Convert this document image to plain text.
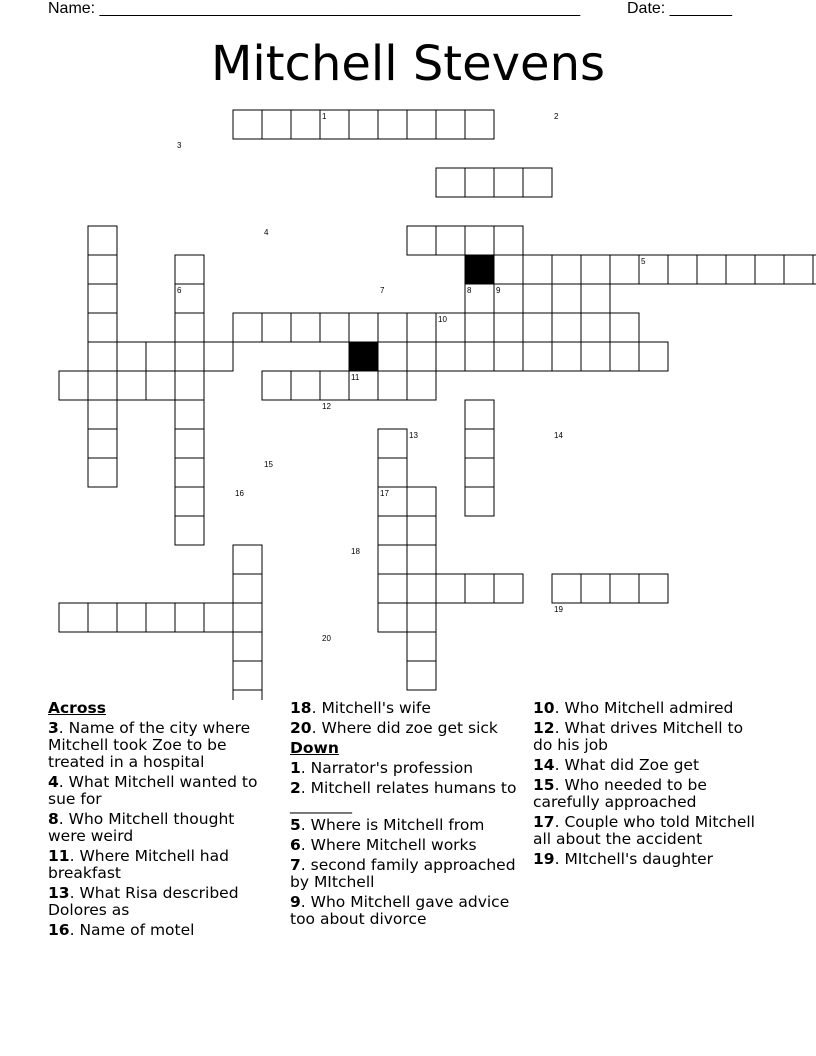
Name: ______________________________________________________	Date: _______
Mitchell Stevens
1	2
3
4
5
6	7	8	9
10
11
12
13	14
15
16	17
18
19
20
Across
3. Name of the city where Mitchell took Zoe to be treated in a hospital
4. What Mitchell wanted to sue for
8. Who Mitchell thought were weird
11. Where Mitchell had breakfast
13. What Risa described Dolores as
16. Name of motel
18. Mitchell's wife
20. Where did zoe get sick
Down
1. Narrator's profession
2. Mitchell relates humans to ________
5. Where is Mitchell from
6. Where Mitchell works
7. second family approached by MItchell
9. Who Mitchell gave advice too about divorce
10. Who Mitchell admired
12. What drives Mitchell to do his job
14. What did Zoe get
15. Who needed to be carefully approached
17. Couple who told Mitchell all about the accident
19. MItchell's daughter
